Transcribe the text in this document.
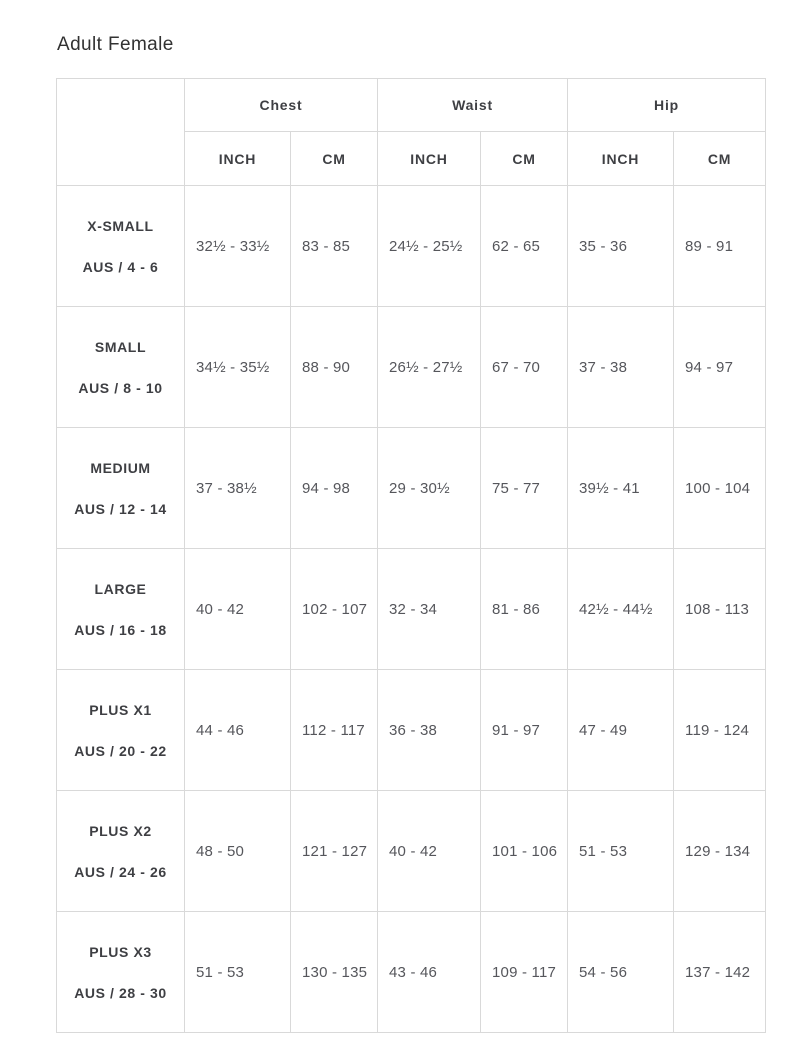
Adult Female
	Chest		Waist		Hip	
	INCH	CM	INCH	CM	INCH	CM

X-SMALL
AUS / 4 - 6	32½ - 33½	83 - 85	24½ - 25½	62 - 65	35 - 36	89 - 91

SMALL
AUS / 8 - 10	34½ - 35½	88 - 90	26½ - 27½	67 - 70	37 - 38	94 - 97

MEDIUM
AUS / 12 - 14	37 - 38½	94 - 98	29 - 30½	75 - 77	39½ - 41	100 - 104

LARGE
AUS / 16 - 18	40 - 42	102 - 107	32 - 34	81 - 86	42½ - 44½	108 - 113

PLUS X1
AUS / 20 - 22	44 - 46	112 - 117	36 - 38	91 - 97	47 - 49	119 - 124

PLUS X2
AUS / 24 - 26	48 - 50	121 - 127	40 - 42	101 - 106	51 - 53	129 - 134

PLUS X3
AUS / 28 - 30	51 - 53	130 - 135	43 - 46	109 - 117	54 - 56	137 - 142
